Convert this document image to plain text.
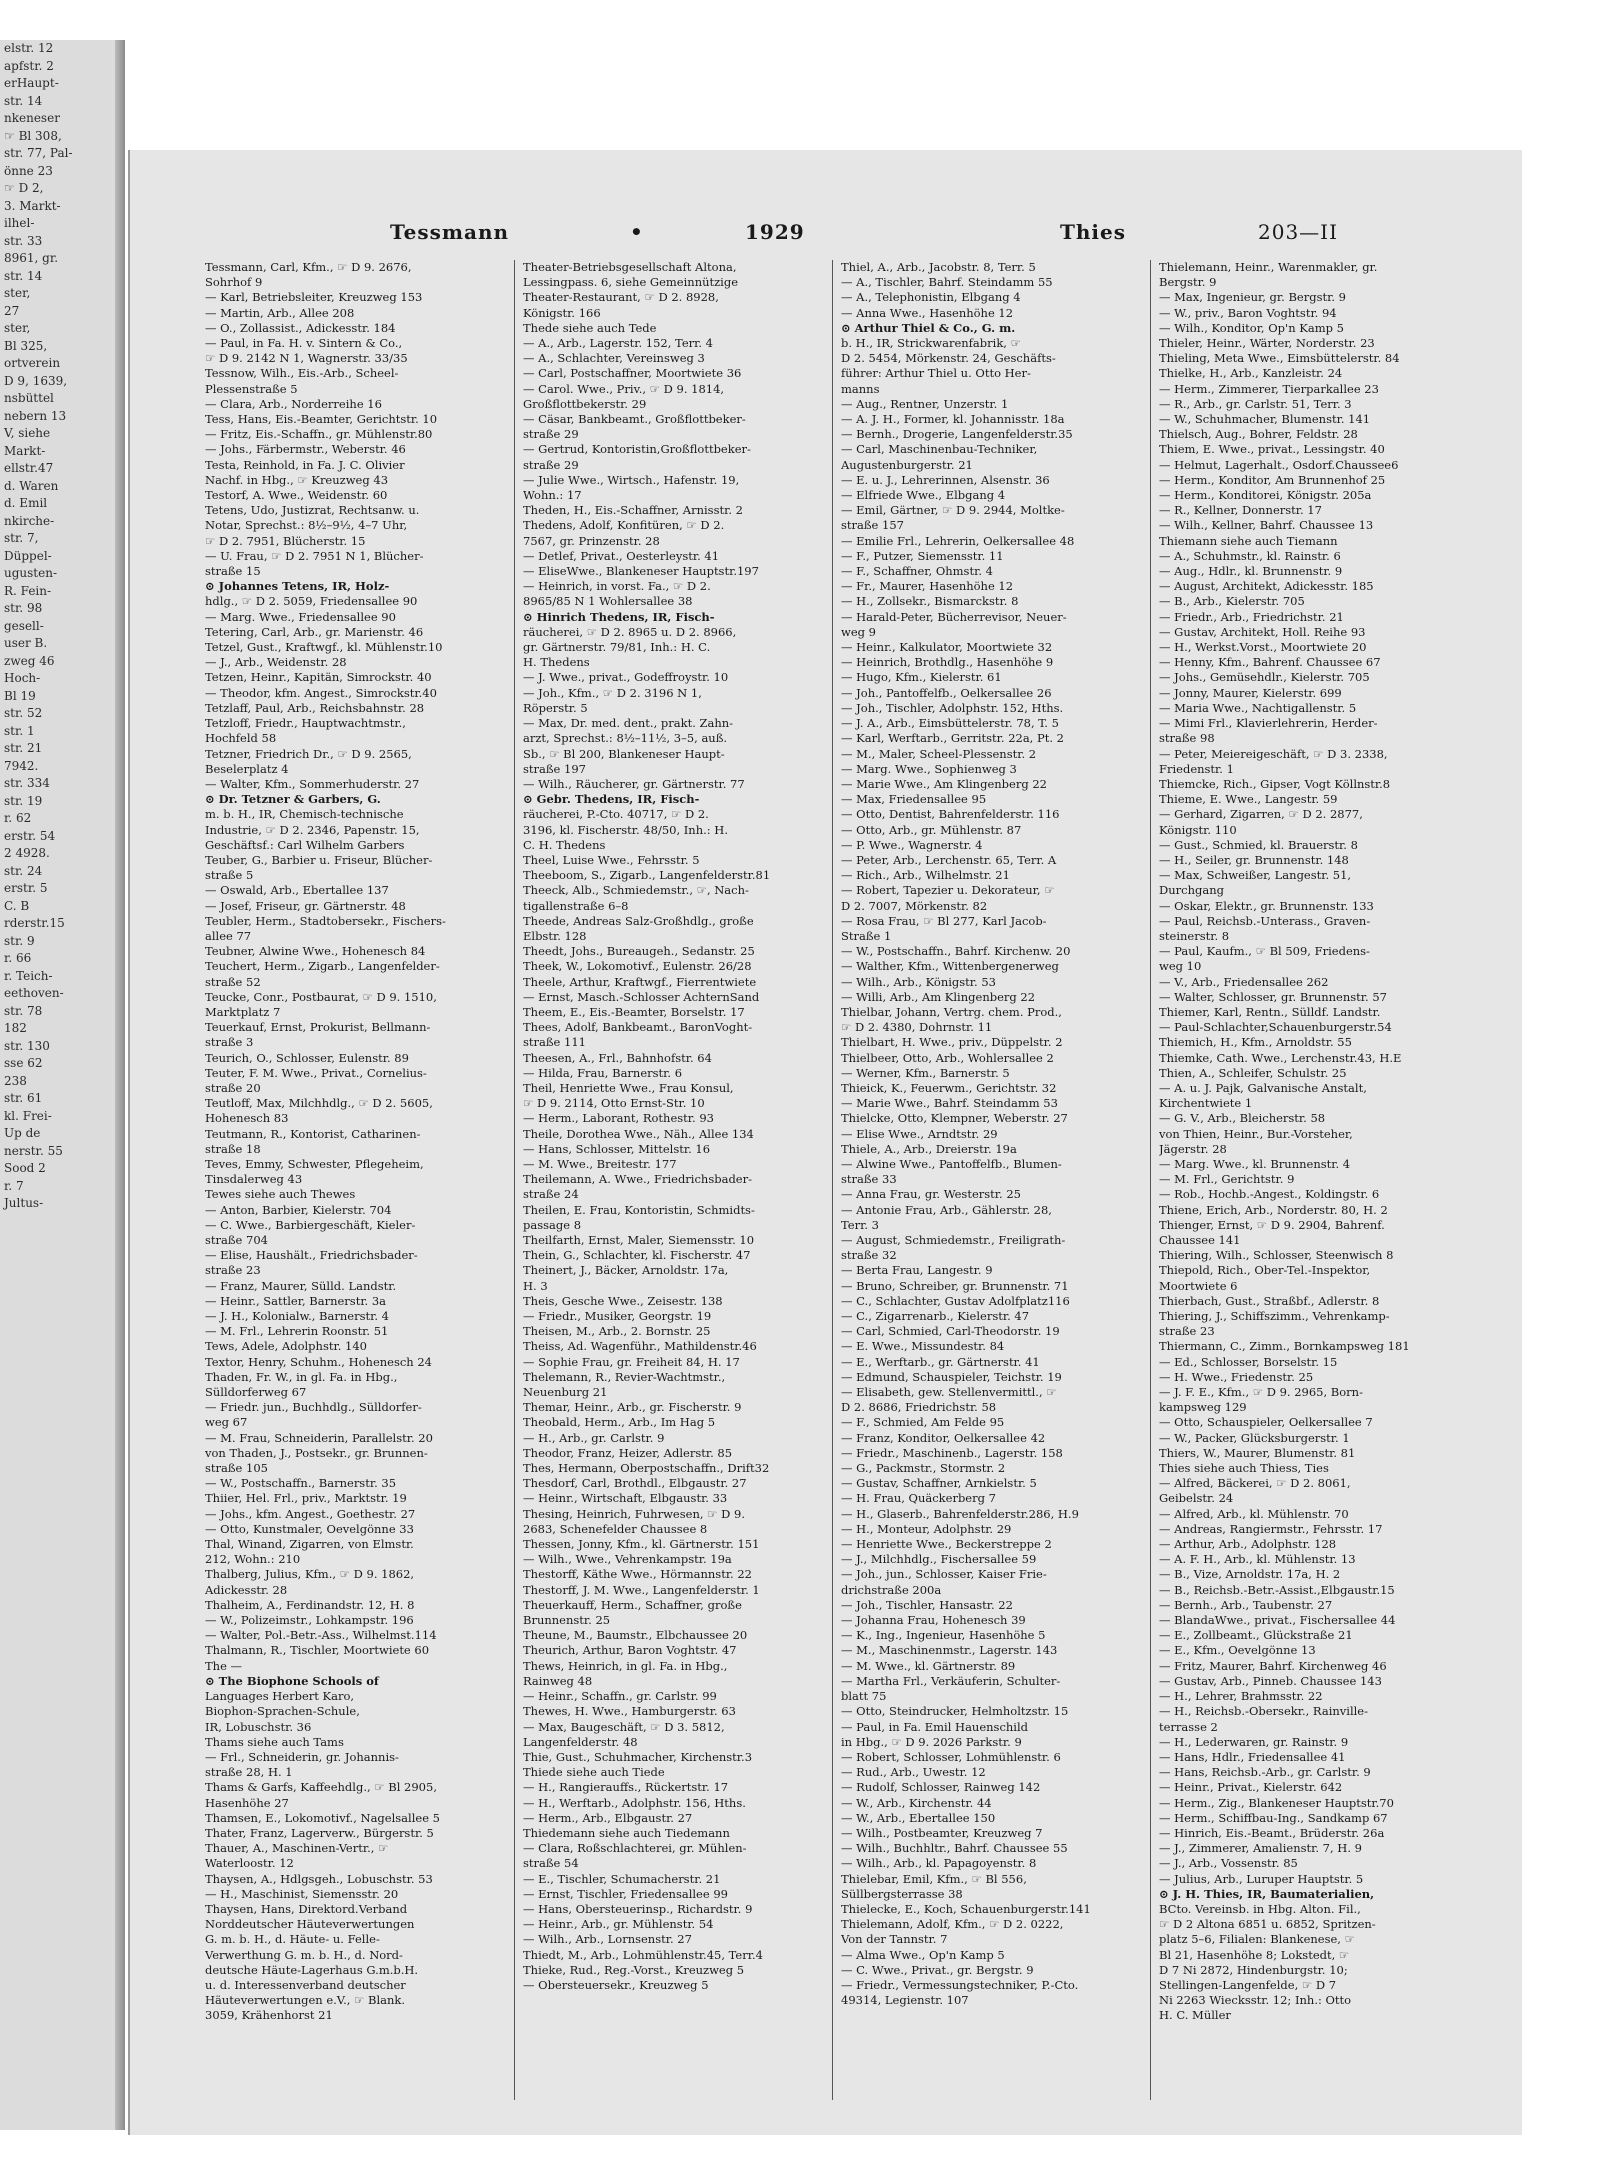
elstr. 12
apfstr. 2
erHaupt-
str. 14
nkeneser
☞ Bl 308,
str. 77, Pal-
önne 23
☞ D 2,
3. Markt-
ilhel-
str. 33
8961, gr.
str. 14
ster,
27
ster,
Bl 325,
ortverein
D 9, 1639,
nsbüttel
nebern 13
V, siehe
Markt-
ellstr.47
d. Waren
d. Emil
nkirche-
str. 7,
Düppel-
ugusten-
R. Fein-
str. 98
gesell-
user B.
zweg 46
Hoch-
Bl 19
str. 52
str. 1
str. 21
7942.
str. 334
str. 19
r. 62
erstr. 54
2 4928.
str. 24
erstr. 5
C. B
rderstr.15
str. 9
r. 66
r. Teich-
eethoven-
str. 78
182
str. 130
sse 62
238
str. 61
kl. Frei-
Up de
nerstr. 55
Sood 2
r. 7
Jultus-
Tessmann	•	1929	Thies	203—II
Tessmann, Carl, Kfm., ☞ D 9. 2676,
Sohrhof 9
— Karl, Betriebsleiter, Kreuzweg 153
— Martin, Arb., Allee 208
— O., Zollassist., Adickesstr. 184
— Paul, in Fa. H. v. Sintern & Co.,
☞ D 9. 2142 N 1, Wagnerstr. 33/35
Tessnow, Wilh., Eis.-Arb., Scheel-
Plessenstraße 5
— Clara, Arb., Norderreihe 16
Tess, Hans, Eis.-Beamter, Gerichtstr. 10
— Fritz, Eis.-Schaffn., gr. Mühlenstr.80
— Johs., Färbermstr., Weberstr. 46
Testa, Reinhold, in Fa. J. C. Olivier
Nachf. in Hbg., ☞ Kreuzweg 43
Testorf, A. Wwe., Weidenstr. 60
Tetens, Udo, Justizrat, Rechtsanw. u.
Notar, Sprechst.: 8½–9½, 4–7 Uhr,
☞ D 2. 7951, Blücherstr. 15
— U. Frau, ☞ D 2. 7951 N 1, Blücher-
straße 15
⊙ Johannes Tetens, IR, Holz-
hdlg., ☞ D 2. 5059, Friedensallee 90
— Marg. Wwe., Friedensallee 90
Tetering, Carl, Arb., gr. Marienstr. 46
Tetzel, Gust., Kraftwgf., kl. Mühlenstr.10
— J., Arb., Weidenstr. 28
Tetzen, Heinr., Kapitän, Simrockstr. 40
— Theodor, kfm. Angest., Simrockstr.40
Tetzlaff, Paul, Arb., Reichsbahnstr. 28
Tetzloff, Friedr., Hauptwachtmstr.,
Hochfeld 58
Tetzner, Friedrich Dr., ☞ D 9. 2565,
Beselerplatz 4
— Walter, Kfm., Sommerhuderstr. 27
⊙ Dr. Tetzner & Garbers, G.
m. b. H., IR, Chemisch-technische
Industrie, ☞ D 2. 2346, Papenstr. 15,
Geschäftsf.: Carl Wilhelm Garbers
Teuber, G., Barbier u. Friseur, Blücher-
straße 5
— Oswald, Arb., Ebertallee 137
— Josef, Friseur, gr. Gärtnerstr. 48
Teubler, Herm., Stadtobersekr., Fischers-
allee 77
Teubner, Alwine Wwe., Hohenesch 84
Teuchert, Herm., Zigarb., Langenfelder-
straße 52
Teucke, Conr., Postbaurat, ☞ D 9. 1510,
Marktplatz 7
Teuerkauf, Ernst, Prokurist, Bellmann-
straße 3
Teurich, O., Schlosser, Eulenstr. 89
Teuter, F. M. Wwe., Privat., Cornelius-
straße 20
Teutloff, Max, Milchhdlg., ☞ D 2. 5605,
Hohenesch 83
Teutmann, R., Kontorist, Catharinen-
straße 18
Teves, Emmy, Schwester, Pflegeheim,
Tinsdalerweg 43
Tewes siehe auch Thewes
— Anton, Barbier, Kielerstr. 704
— C. Wwe., Barbiergeschäft, Kieler-
straße 704
— Elise, Haushält., Friedrichsbader-
straße 23
— Franz, Maurer, Sülld. Landstr.
— Heinr., Sattler, Barnerstr. 3a
— J. H., Kolonialw., Barnerstr. 4
— M. Frl., Lehrerin Roonstr. 51
Tews, Adele, Adolphstr. 140
Textor, Henry, Schuhm., Hohenesch 24
Thaden, Fr. W., in gl. Fa. in Hbg.,
Sülldorferweg 67
— Friedr. jun., Buchhdlg., Sülldorfer-
weg 67
— M. Frau, Schneiderin, Parallelstr. 20
von Thaden, J., Postsekr., gr. Brunnen-
straße 105
— W., Postschaffn., Barnerstr. 35
Thiier, Hel. Frl., priv., Marktstr. 19
— Johs., kfm. Angest., Goethestr. 27
— Otto, Kunstmaler, Oevelgönne 33
Thal, Winand, Zigarren, von Elmstr.
212, Wohn.: 210
Thalberg, Julius, Kfm., ☞ D 9. 1862,
Adickesstr. 28
Thalheim, A., Ferdinandstr. 12, H. 8
— W., Polizeimstr., Lohkampstr. 196
— Walter, Pol.-Betr.-Ass., Wilhelmst.114
Thalmann, R., Tischler, Moortwiete 60
The —
⊙ The Biophone Schools of
Languages Herbert Karo,
Biophon-Sprachen-Schule,
IR, Lobuschstr. 36
Thams siehe auch Tams
— Frl., Schneiderin, gr. Johannis-
straße 28, H. 1
Thams & Garfs, Kaffeehdlg., ☞ Bl 2905,
Hasenhöhe 27
Thamsen, E., Lokomotivf., Nagelsallee 5
Thater, Franz, Lagerverw., Bürgerstr. 5
Thauer, A., Maschinen-Vertr., ☞
Waterloostr. 12
Thaysen, A., Hdlgsgeh., Lobuschstr. 53
— H., Maschinist, Siemensstr. 20
Thaysen, Hans, Direktord.Verband
Norddeutscher Häuteverwertungen
G. m. b. H., d. Häute- u. Felle-
Verwerthung G. m. b. H., d. Nord-
deutsche Häute-Lagerhaus G.m.b.H.
u. d. Interessenverband deutscher
Häuteverwertungen e.V., ☞ Blank.
3059, Krähenhorst 21
Theater-Betriebsgesellschaft Altona,
Lessingpass. 6, siehe Gemeinnützige
Theater-Restaurant, ☞ D 2. 8928,
Königstr. 166
Thede siehe auch Tede
— A., Arb., Lagerstr. 152, Terr. 4
— A., Schlachter, Vereinsweg 3
— Carl, Postschaffner, Moortwiete 36
— Carol. Wwe., Priv., ☞ D 9. 1814,
Großflottbekerstr. 29
— Cäsar, Bankbeamt., Großflottbeker-
straße 29
— Gertrud, Kontoristin,Großflottbeker-
straße 29
— Julie Wwe., Wirtsch., Hafenstr. 19,
Wohn.: 17
Theden, H., Eis.-Schaffner, Arnisstr. 2
Thedens, Adolf, Konfitüren, ☞ D 2.
7567, gr. Prinzenstr. 28
— Detlef, Privat., Oesterleystr. 41
— EliseWwe., Blankeneser Hauptstr.197
— Heinrich, in vorst. Fa., ☞ D 2.
8965/85 N 1 Wohlersallee 38
⊙ Hinrich Thedens, IR, Fisch-
räucherei, ☞ D 2. 8965 u. D 2. 8966,
gr. Gärtnerstr. 79/81, Inh.: H. C.
H. Thedens
— J. Wwe., privat., Godeffroystr. 10
— Joh., Kfm., ☞ D 2. 3196 N 1,
Röperstr. 5
— Max, Dr. med. dent., prakt. Zahn-
arzt, Sprechst.: 8½–11½, 3–5, auß.
Sb., ☞ Bl 200, Blankeneser Haupt-
straße 197
— Wilh., Räucherer, gr. Gärtnerstr. 77
⊙ Gebr. Thedens, IR, Fisch-
räucherei, P.-Cto. 40717, ☞ D 2.
3196, kl. Fischerstr. 48/50, Inh.: H.
C. H. Thedens
Theel, Luise Wwe., Fehrsstr. 5
Theeboom, S., Zigarb., Langenfelderstr.81
Theeck, Alb., Schmiedemstr., ☞, Nach-
tigallenstraße 6–8
Theede, Andreas Salz-Großhdlg., große
Elbstr. 128
Theedt, Johs., Bureaugeh., Sedanstr. 25
Theek, W., Lokomotivf., Eulenstr. 26/28
Theele, Arthur, Kraftwgf., Fierrentwiete
— Ernst, Masch.-Schlosser AchternSand
Theem, E., Eis.-Beamter, Borselstr. 17
Thees, Adolf, Bankbeamt., BaronVoght-
straße 111
Theesen, A., Frl., Bahnhofstr. 64
— Hilda, Frau, Barnerstr. 6
Theil, Henriette Wwe., Frau Konsul,
☞ D 9. 2114, Otto Ernst-Str. 10
— Herm., Laborant, Rothestr. 93
Theile, Dorothea Wwe., Näh., Allee 134
— Hans, Schlosser, Mittelstr. 16
— M. Wwe., Breitestr. 177
Theilemann, A. Wwe., Friedrichsbader-
straße 24
Theilen, E. Frau, Kontoristin, Schmidts-
passage 8
Theilfarth, Ernst, Maler, Siemensstr. 10
Thein, G., Schlachter, kl. Fischerstr. 47
Theinert, J., Bäcker, Arnoldstr. 17a,
H. 3
Theis, Gesche Wwe., Zeisestr. 138
— Friedr., Musiker, Georgstr. 19
Theisen, M., Arb., 2. Bornstr. 25
Theiss, Ad. Wagenführ., Mathildenstr.46
— Sophie Frau, gr. Freiheit 84, H. 17
Thelemann, R., Revier-Wachtmstr.,
Neuenburg 21
Themar, Heinr., Arb., gr. Fischerstr. 9
Theobald, Herm., Arb., Im Hag 5
— H., Arb., gr. Carlstr. 9
Theodor, Franz, Heizer, Adlerstr. 85
Thes, Hermann, Oberpostschaffn., Drift32
Thesdorf, Carl, Brothdl., Elbgaustr. 27
— Heinr., Wirtschaft, Elbgaustr. 33
Thesing, Heinrich, Fuhrwesen, ☞ D 9.
2683, Schenefelder Chaussee 8
Thessen, Jonny, Kfm., kl. Gärtnerstr. 151
— Wilh., Wwe., Vehrenkampstr. 19a
Thestorff, Käthe Wwe., Hörmannstr. 22
Thestorff, J. M. Wwe., Langenfelderstr. 1
Theuerkauff, Herm., Schaffner, große
Brunnenstr. 25
Theune, M., Baumstr., Elbchaussee 20
Theurich, Arthur, Baron Voghtstr. 47
Thews, Heinrich, in gl. Fa. in Hbg.,
Rainweg 48
— Heinr., Schaffn., gr. Carlstr. 99
Thewes, H. Wwe., Hamburgerstr. 63
— Max, Baugeschäft, ☞ D 3. 5812,
Langenfelderstr. 48
Thie, Gust., Schuhmacher, Kirchenstr.3
Thiede siehe auch Tiede
— H., Rangierauffs., Rückertstr. 17
— H., Werftarb., Adolphstr. 156, Hths.
— Herm., Arb., Elbgaustr. 27
Thiedemann siehe auch Tiedemann
— Clara, Roßschlachterei, gr. Mühlen-
straße 54
— E., Tischler, Schumacherstr. 21
— Ernst, Tischler, Friedensallee 99
— Hans, Obersteuerinsp., Richardstr. 9
— Heinr., Arb., gr. Mühlenstr. 54
— Wilh., Arb., Lornsenstr. 27
Thiedt, M., Arb., Lohmühlenstr.45, Terr.4
Thieke, Rud., Reg.-Vorst., Kreuzweg 5
— Obersteuersekr., Kreuzweg 5
Thiel, A., Arb., Jacobstr. 8, Terr. 5
— A., Tischler, Bahrf. Steindamm 55
— A., Telephonistin, Elbgang 4
— Anna Wwe., Hasenhöhe 12
⊙ Arthur Thiel & Co., G. m.
b. H., IR, Strickwarenfabrik, ☞
D 2. 5454, Mörkenstr. 24, Geschäfts-
führer: Arthur Thiel u. Otto Her-
manns
— Aug., Rentner, Unzerstr. 1
— A. J. H., Former, kl. Johannisstr. 18a
— Bernh., Drogerie, Langenfelderstr.35
— Carl, Maschinenbau-Techniker,
Augustenburgerstr. 21
— E. u. J., Lehrerinnen, Alsenstr. 36
— Elfriede Wwe., Elbgang 4
— Emil, Gärtner, ☞ D 9. 2944, Moltke-
straße 157
— Emilie Frl., Lehrerin, Oelkersallee 48
— F., Putzer, Siemensstr. 11
— F., Schaffner, Ohmstr. 4
— Fr., Maurer, Hasenhöhe 12
— H., Zollsekr., Bismarckstr. 8
— Harald-Peter, Bücherrevisor, Neuer-
weg 9
— Heinr., Kalkulator, Moortwiete 32
— Heinrich, Brothdlg., Hasenhöhe 9
— Hugo, Kfm., Kielerstr. 61
— Joh., Pantoffelfb., Oelkersallee 26
— Joh., Tischler, Adolphstr. 152, Hths.
— J. A., Arb., Eimsbüttelerstr. 78, T. 5
— Karl, Werftarb., Gerritstr. 22a, Pt. 2
— M., Maler, Scheel-Plessenstr. 2
— Marg. Wwe., Sophienweg 3
— Marie Wwe., Am Klingenberg 22
— Max, Friedensallee 95
— Otto, Dentist, Bahrenfelderstr. 116
— Otto, Arb., gr. Mühlenstr. 87
— P. Wwe., Wagnerstr. 4
— Peter, Arb., Lerchenstr. 65, Terr. A
— Rich., Arb., Wilhelmstr. 21
— Robert, Tapezier u. Dekorateur, ☞
D 2. 7007, Mörkenstr. 82
— Rosa Frau, ☞ Bl 277, Karl Jacob-
Straße 1
— W., Postschaffn., Bahrf. Kirchenw. 20
— Walther, Kfm., Wittenbergenerweg
— Wilh., Arb., Königstr. 53
— Willi, Arb., Am Klingenberg 22
Thielbar, Johann, Vertrg. chem. Prod.,
☞ D 2. 4380, Dohrnstr. 11
Thielbart, H. Wwe., priv., Düppelstr. 2
Thielbeer, Otto, Arb., Wohlersallee 2
— Werner, Kfm., Barnerstr. 5
Thieick, K., Feuerwm., Gerichtstr. 32
— Marie Wwe., Bahrf. Steindamm 53
Thielcke, Otto, Klempner, Weberstr. 27
— Elise Wwe., Arndtstr. 29
Thiele, A., Arb., Dreierstr. 19a
— Alwine Wwe., Pantoffelfb., Blumen-
straße 33
— Anna Frau, gr. Westerstr. 25
— Antonie Frau, Arb., Gählerstr. 28,
Terr. 3
— August, Schmiedemstr., Freiligrath-
straße 32
— Berta Frau, Langestr. 9
— Bruno, Schreiber, gr. Brunnenstr. 71
— C., Schlachter, Gustav Adolfplatz116
— C., Zigarrenarb., Kielerstr. 47
— Carl, Schmied, Carl-Theodorstr. 19
— E. Wwe., Missundestr. 84
— E., Werftarb., gr. Gärtnerstr. 41
— Edmund, Schauspieler, Teichstr. 19
— Elisabeth, gew. Stellenvermittl., ☞
D 2. 8686, Friedrichstr. 58
— F., Schmied, Am Felde 95
— Franz, Konditor, Oelkersallee 42
— Friedr., Maschinenb., Lagerstr. 158
— G., Packmstr., Stormstr. 2
— Gustav, Schaffner, Arnkielstr. 5
— H. Frau, Quäckerberg 7
— H., Glaserb., Bahrenfelderstr.286, H.9
— H., Monteur, Adolphstr. 29
— Henriette Wwe., Beckerstreppe 2
— J., Milchhdlg., Fischersallee 59
— Joh., jun., Schlosser, Kaiser Frie-
drichstraße 200a
— Joh., Tischler, Hansastr. 22
— Johanna Frau, Hohenesch 39
— K., Ing., Ingenieur, Hasenhöhe 5
— M., Maschinenmstr., Lagerstr. 143
— M. Wwe., kl. Gärtnerstr. 89
— Martha Frl., Verkäuferin, Schulter-
blatt 75
— Otto, Steindrucker, Helmholtzstr. 15
— Paul, in Fa. Emil Hauenschild
in Hbg., ☞ D 9. 2026 Parkstr. 9
— Robert, Schlosser, Lohmühlenstr. 6
— Rud., Arb., Uwestr. 12
— Rudolf, Schlosser, Rainweg 142
— W., Arb., Kirchenstr. 44
— W., Arb., Ebertallee 150
— Wilh., Postbeamter, Kreuzweg 7
— Wilh., Buchhltr., Bahrf. Chaussee 55
— Wilh., Arb., kl. Papagoyenstr. 8
Thielebar, Emil, Kfm., ☞ Bl 556,
Süllbergsterrasse 38
Thielecke, E., Koch, Schauenburgerstr.141
Thielemann, Adolf, Kfm., ☞ D 2. 0222,
Von der Tannstr. 7
— Alma Wwe., Op'n Kamp 5
— C. Wwe., Privat., gr. Bergstr. 9
— Friedr., Vermessungstechniker, P.-Cto.
49314, Legienstr. 107
Thielemann, Heinr., Warenmakler, gr.
Bergstr. 9
— Max, Ingenieur, gr. Bergstr. 9
— W., priv., Baron Voghtstr. 94
— Wilh., Konditor, Op'n Kamp 5
Thieler, Heinr., Wärter, Norderstr. 23
Thieling, Meta Wwe., Eimsbüttelerstr. 84
Thielke, H., Arb., Kanzleistr. 24
— Herm., Zimmerer, Tierparkallee 23
— R., Arb., gr. Carlstr. 51, Terr. 3
— W., Schuhmacher, Blumenstr. 141
Thielsch, Aug., Bohrer, Feldstr. 28
Thiem, E. Wwe., privat., Lessingstr. 40
— Helmut, Lagerhalt., Osdorf.Chaussee6
— Herm., Konditor, Am Brunnenhof 25
— Herm., Konditorei, Königstr. 205a
— R., Kellner, Donnerstr. 17
— Wilh., Kellner, Bahrf. Chaussee 13
Thiemann siehe auch Tiemann
— A., Schuhmstr., kl. Rainstr. 6
— Aug., Hdlr., kl. Brunnenstr. 9
— August, Architekt, Adickesstr. 185
— B., Arb., Kielerstr. 705
— Friedr., Arb., Friedrichstr. 21
— Gustav, Architekt, Holl. Reihe 93
— H., Werkst.Vorst., Moortwiete 20
— Henny, Kfm., Bahrenf. Chaussee 67
— Johs., Gemüsehdlr., Kielerstr. 705
— Jonny, Maurer, Kielerstr. 699
— Maria Wwe., Nachtigallenstr. 5
— Mimi Frl., Klavierlehrerin, Herder-
straße 98
— Peter, Meiereigeschäft, ☞ D 3. 2338,
Friedenstr. 1
Thiemcke, Rich., Gipser, Vogt Köllnstr.8
Thieme, E. Wwe., Langestr. 59
— Gerhard, Zigarren, ☞ D 2. 2877,
Königstr. 110
— Gust., Schmied, kl. Brauerstr. 8
— H., Seiler, gr. Brunnenstr. 148
— Max, Schweißer, Langestr. 51,
Durchgang
— Oskar, Elektr., gr. Brunnenstr. 133
— Paul, Reichsb.-Unterass., Graven-
steinerstr. 8
— Paul, Kaufm., ☞ Bl 509, Friedens-
weg 10
— V., Arb., Friedensallee 262
— Walter, Schlosser, gr. Brunnenstr. 57
Thiemer, Karl, Rentn., Sülldf. Landstr.
— Paul-Schlachter,Schauenburgerstr.54
Thiemich, H., Kfm., Arnoldstr. 55
Thiemke, Cath. Wwe., Lerchenstr.43, H.E
Thien, A., Schleifer, Schulstr. 25
— A. u. J. Pajk, Galvanische Anstalt,
Kirchentwiete 1
— G. V., Arb., Bleicherstr. 58
von Thien, Heinr., Bur.-Vorsteher,
Jägerstr. 28
— Marg. Wwe., kl. Brunnenstr. 4
— M. Frl., Gerichtstr. 9
— Rob., Hochb.-Angest., Koldingstr. 6
Thiene, Erich, Arb., Norderstr. 80, H. 2
Thienger, Ernst, ☞ D 9. 2904, Bahrenf.
Chaussee 141
Thiering, Wilh., Schlosser, Steenwisch 8
Thiepold, Rich., Ober-Tel.-Inspektor,
Moortwiete 6
Thierbach, Gust., Straßbf., Adlerstr. 8
Thiering, J., Schiffszimm., Vehrenkamp-
straße 23
Thiermann, C., Zimm., Bornkampsweg 181
— Ed., Schlosser, Borselstr. 15
— H. Wwe., Friedenstr. 25
— J. F. E., Kfm., ☞ D 9. 2965, Born-
kampsweg 129
— Otto, Schauspieler, Oelkersallee 7
— W., Packer, Glücksburgerstr. 1
Thiers, W., Maurer, Blumenstr. 81
Thies siehe auch Thiess, Ties
— Alfred, Bäckerei, ☞ D 2. 8061,
Geibelstr. 24
— Alfred, Arb., kl. Mühlenstr. 70
— Andreas, Rangiermstr., Fehrsstr. 17
— Arthur, Arb., Adolphstr. 128
— A. F. H., Arb., kl. Mühlenstr. 13
— B., Vize, Arnoldstr. 17a, H. 2
— B., Reichsb.-Betr.-Assist.,Elbgaustr.15
— Bernh., Arb., Taubenstr. 27
— BlandaWwe., privat., Fischersallee 44
— E., Zollbeamt., Glückstraße 21
— E., Kfm., Oevelgönne 13
— Fritz, Maurer, Bahrf. Kirchenweg 46
— Gustav, Arb., Pinneb. Chaussee 143
— H., Lehrer, Brahmsstr. 22
— H., Reichsb.-Obersekr., Rainville-
terrasse 2
— H., Lederwaren, gr. Rainstr. 9
— Hans, Hdlr., Friedensallee 41
— Hans, Reichsb.-Arb., gr. Carlstr. 9
— Heinr., Privat., Kielerstr. 642
— Herm., Zig., Blankeneser Hauptstr.70
— Herm., Schiffbau-Ing., Sandkamp 67
— Hinrich, Eis.-Beamt., Brüderstr. 26a
— J., Zimmerer, Amalienstr. 7, H. 9
— J., Arb., Vossenstr. 85
— Julius, Arb., Luruper Hauptstr. 5
⊙ J. H. Thies, IR, Baumaterialien,
BCto. Vereinsb. in Hbg. Alton. Fil.,
☞ D 2 Altona 6851 u. 6852, Spritzen-
platz 5–6, Filialen: Blankenese, ☞
Bl 21, Hasenhöhe 8; Lokstedt, ☞
D 7 Ni 2872, Hindenburgstr. 10;
Stellingen-Langenfelde, ☞ D 7
Ni 2263 Wiecksstr. 12; Inh.: Otto
H. C. Müller
